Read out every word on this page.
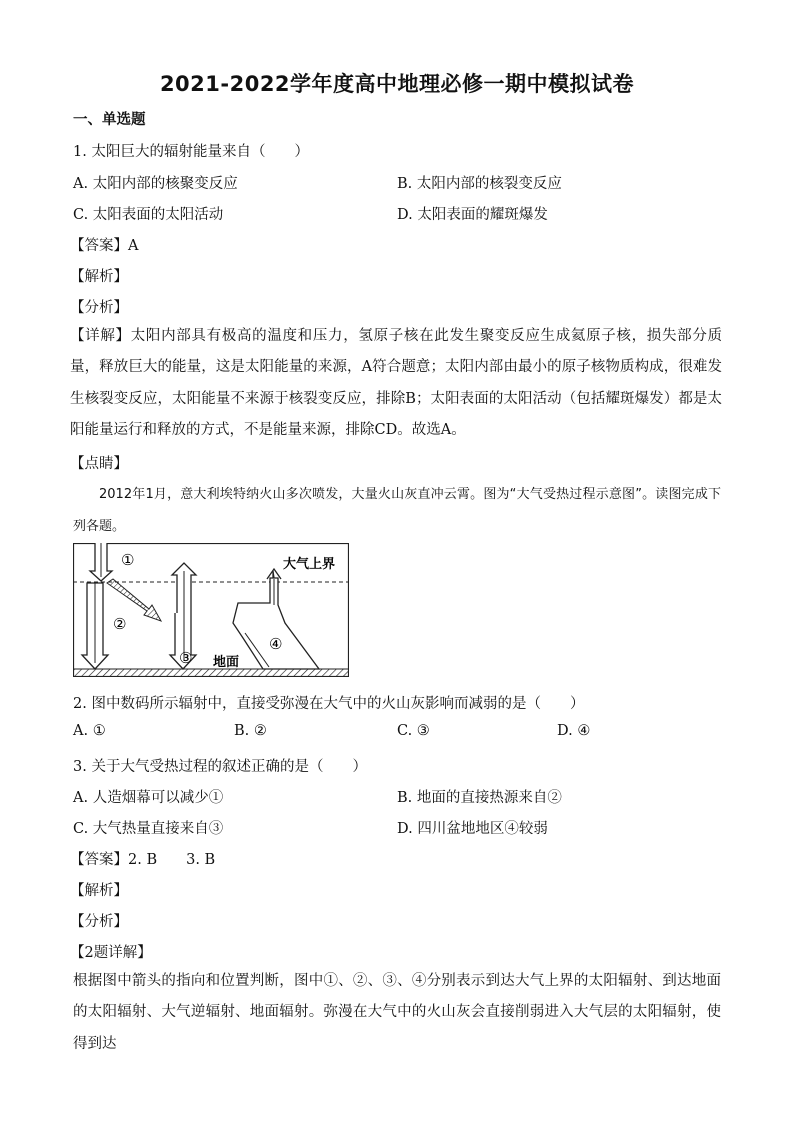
2021-2022学年度高中地理必修一期中模拟试卷
一、单选题
1. 太阳巨大的辐射能量来自（　　）
A. 太阳内部的核聚变反应	B. 太阳内部的核裂变反应
C. 太阳表面的太阳活动	D. 太阳表面的耀斑爆发
【答案】A
【解析】
【分析】
【详解】太阳内部具有极高的温度和压力，氢原子核在此发生聚变反应生成氦原子核，损失部分质量，释放巨大的能量，这是太阳能量的来源，A符合题意；太阳内部由最小的原子核物质构成，很难发生核裂变反应，太阳能量不来源于核裂变反应，排除B；太阳表面的太阳活动（包括耀斑爆发）都是太阳能量运行和释放的方式，不是能量来源，排除CD。故选A。
【点睛】
2012年1月，意大利埃特纳火山多次喷发，大量火山灰直冲云霄。图为“大气受热过程示意图”。读图完成下列各题。
①
②
③
④
大气上界
地面
2. 图中数码所示辐射中，直接受弥漫在大气中的火山灰影响而减弱的是（　　）
A. ①	B. ②	C. ③	D. ④
3. 关于大气受热过程的叙述正确的是（　　）
A. 人造烟幕可以减少①	B. 地面的直接热源来自②
C. 大气热量直接来自③	D. 四川盆地地区④较弱
【答案】2. B　　3. B
【解析】
【分析】
【2题详解】
根据图中箭头的指向和位置判断，图中①、②、③、④分别表示到达大气上界的太阳辐射、到达地面的太阳辐射、大气逆辐射、地面辐射。弥漫在大气中的火山灰会直接削弱进入大气层的太阳辐射，使得到达
